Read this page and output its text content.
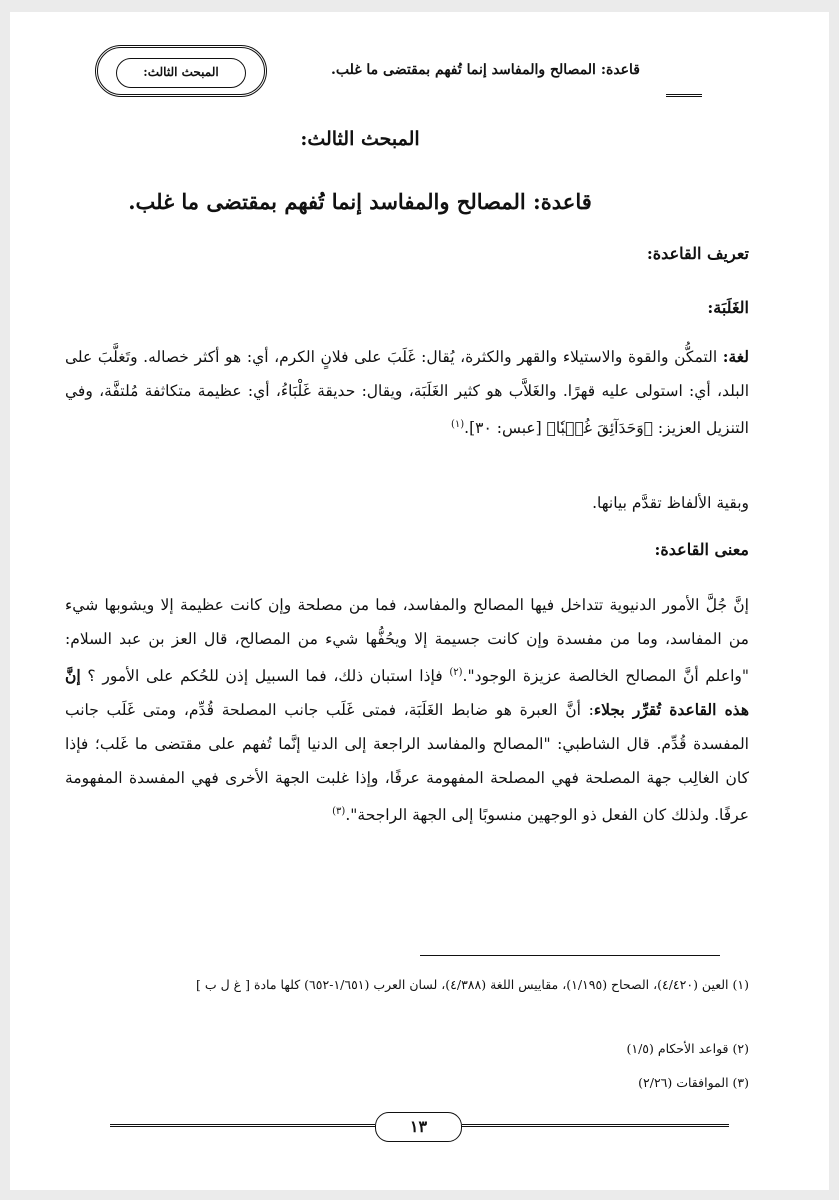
قاعدة: المصالح والمفاسد إنما تُفهم بمقتضى ما غلب.
المبحث الثالث:
المبحث الثالث:
قاعدة: المصالح والمفاسد إنما تُفهم بمقتضى ما غلب.
تعريف القاعدة:
الغَلَبَة:
لغة: التمكُّن والقوة والاستيلاء والقهر والكثرة، يُقال: غَلَبَ على فلانٍ الكرم، أي: هو أكثر خصاله. وتَغلَّبَ على البلد، أي: استولى عليه قهرًا. والغَلاَّب هو كثير الغَلَبَة، ويقال: حديقة غَلْبَاءُ، أي: عظيمة متكاثفة مُلتفَّة، وفي التنزيل العزيز: ﴿وَحَدَآئِقَ غُلۡبٗا﴾ [عبس: ٣٠].$^{(١)}$
وبقية الألفاظ تقدَّم بيانها.
معنى القاعدة:
إنَّ جُلَّ الأمور الدنيوية تتداخل فيها المصالح والمفاسد، فما من مصلحة وإن كانت عظيمة إلا ويشوبها شيء من المفاسد، وما من مفسدة وإن كانت جسيمة إلا ويحُفُّها شيء من المصالح، قال العز بن عبد السلام: "واعلم أنَّ المصالح الخالصة عزيزة الوجود".$^{(٢)}$ فإذا استبان ذلك، فما السبيل إذن للحُكم على الأمور ؟ إنَّ هذه القاعدة تُقرِّر بجلاء: أنَّ العبرة هو ضابط الغَلَبَة، فمتى غَلَب جانب المصلحة قُدِّم، ومتى غَلَب جانب المفسدة قُدِّم. قال الشاطبي: "المصالح والمفاسد الراجعة إلى الدنيا إنَّما تُفهم على مقتضى ما غَلب؛ فإذا كان الغالِب جهة المصلحة فهي المصلحة المفهومة عرفًا، وإذا غلبت الجهة الأخرى فهي المفسدة المفهومة عرفًا. ولذلك كان الفعل ذو الوجهين منسوبًا إلى الجهة الراجحة".$^{(٣)}$
(١) العين (٤/٤٢٠)، الصحاح (١/١٩٥)، مقاييس اللغة (٤/٣٨٨)، لسان العرب (١/٦٥١-٦٥٢) كلها مادة [ غ ل ب ]
(٢) قواعد الأحكام (١/٥)
(٣) الموافقات (٢/٢٦)
١٣
